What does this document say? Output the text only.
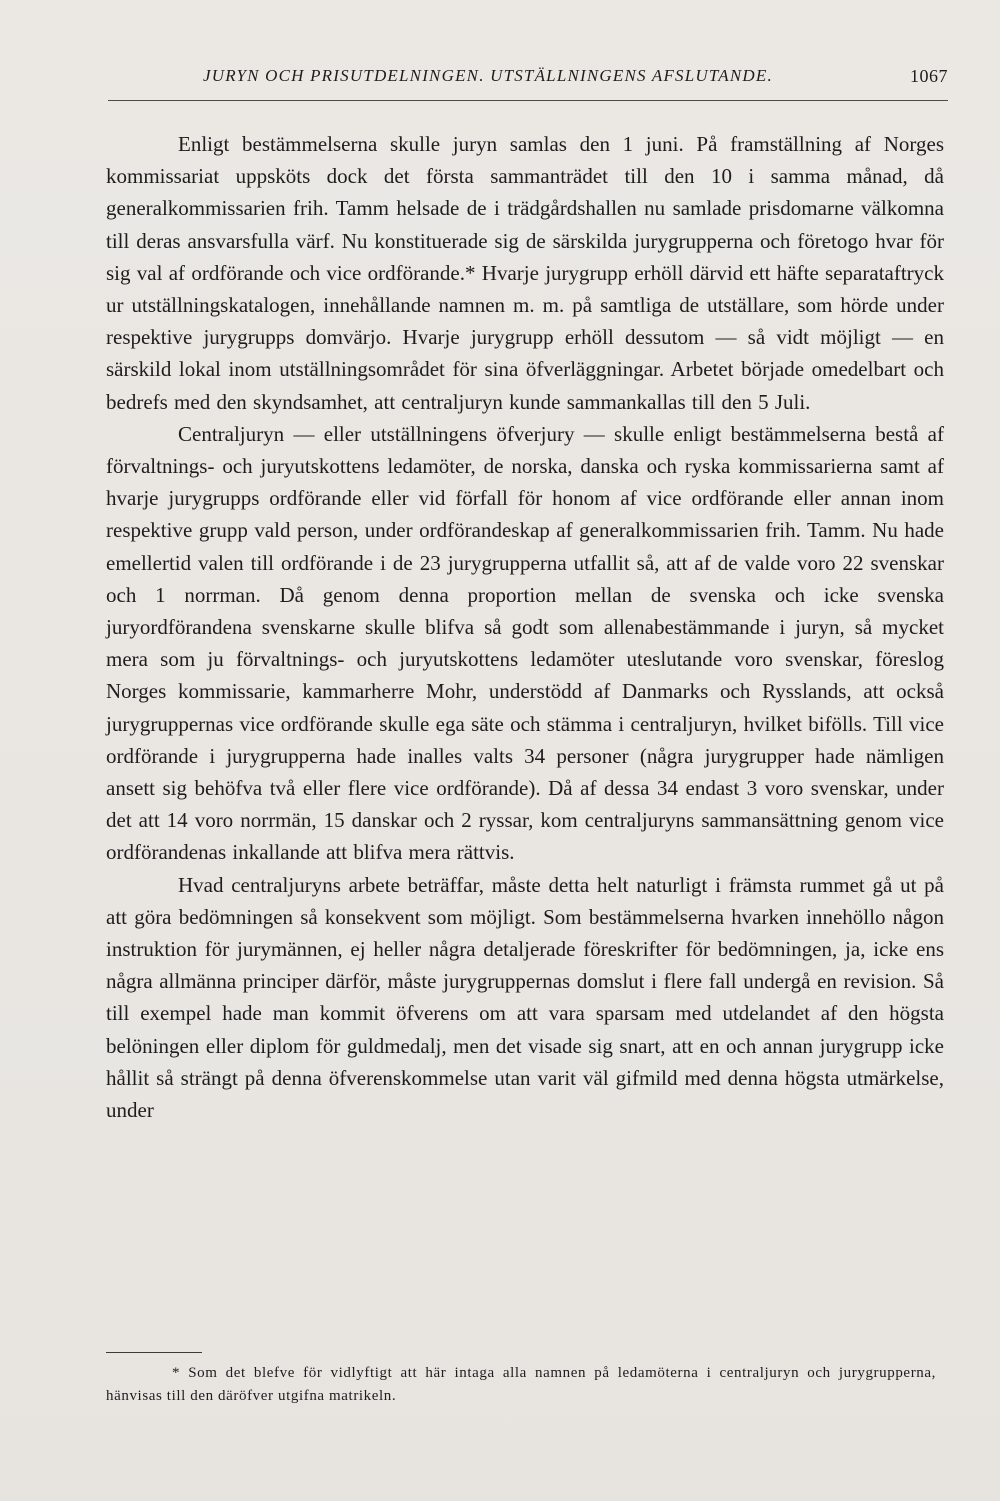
JURYN OCH PRISUTDELNINGEN. UTSTÄLLNINGENS AFSLUTANDE.	1067

Enligt bestämmelserna skulle juryn samlas den 1 juni. På framställning af Norges kommissariat uppsköts dock det första sammanträdet till den 10 i samma månad, då generalkommissarien frih. Tamm helsade de i trädgårdshallen nu samlade prisdomarne välkomna till deras ansvarsfulla värf. Nu konstituerade sig de särskilda jurygrupperna och företogo hvar för sig val af ordförande och vice ordförande.* Hvarje jurygrupp erhöll därvid ett häfte separataftryck ur utställningskatalogen, innehållande namnen m. m. på samtliga de utställare, som hörde under respektive jurygrupps domvärjo. Hvarje jurygrupp erhöll dessutom — så vidt möjligt — en särskild lokal inom utställningsområdet för sina öfverläggningar. Arbetet började omedelbart och bedrefs med den skyndsamhet, att centraljuryn kunde sammankallas till den 5 Juli.

Centraljuryn — eller utställningens öfverjury — skulle enligt bestämmelserna bestå af förvaltnings- och juryutskottens ledamöter, de norska, danska och ryska kommissarierna samt af hvarje jurygrupps ordförande eller vid förfall för honom af vice ordförande eller annan inom respektive grupp vald person, under ordförandeskap af generalkommissarien frih. Tamm. Nu hade emellertid valen till ordförande i de 23 jurygrupperna utfallit så, att af de valde voro 22 svenskar och 1 norrman. Då genom denna proportion mellan de svenska och icke svenska juryordförandena svenskarne skulle blifva så godt som allenabestämmande i juryn, så mycket mera som ju förvaltnings- och juryutskottens ledamöter uteslutande voro svenskar, föreslog Norges kommissarie, kammarherre Mohr, understödd af Danmarks och Rysslands, att också jurygruppernas vice ordförande skulle ega säte och stämma i centraljuryn, hvilket bifölls. Till vice ordförande i jurygrupperna hade inalles valts 34 personer (några jurygrupper hade nämligen ansett sig behöfva två eller flere vice ordförande). Då af dessa 34 endast 3 voro svenskar, under det att 14 voro norrmän, 15 danskar och 2 ryssar, kom centraljuryns sammansättning genom vice ordförandenas inkallande att blifva mera rättvis.

Hvad centraljuryns arbete beträffar, måste detta helt naturligt i främsta rummet gå ut på att göra bedömningen så konsekvent som möjligt. Som bestämmelserna hvarken innehöllo någon instruktion för jurymännen, ej heller några detaljerade föreskrifter för bedömningen, ja, icke ens några allmänna principer därför, måste jurygruppernas domslut i flere fall undergå en revision. Så till exempel hade man kommit öfverens om att vara sparsam med utdelandet af den högsta belöningen eller diplom för guldmedalj, men det visade sig snart, att en och annan jurygrupp icke hållit så strängt på denna öfverenskommelse utan varit väl gifmild med denna högsta utmärkelse, under

* Som det blefve för vidlyftigt att här intaga alla namnen på ledamöterna i centraljuryn och jurygrupperna, hänvisas till den däröfver utgifna matrikeln.
